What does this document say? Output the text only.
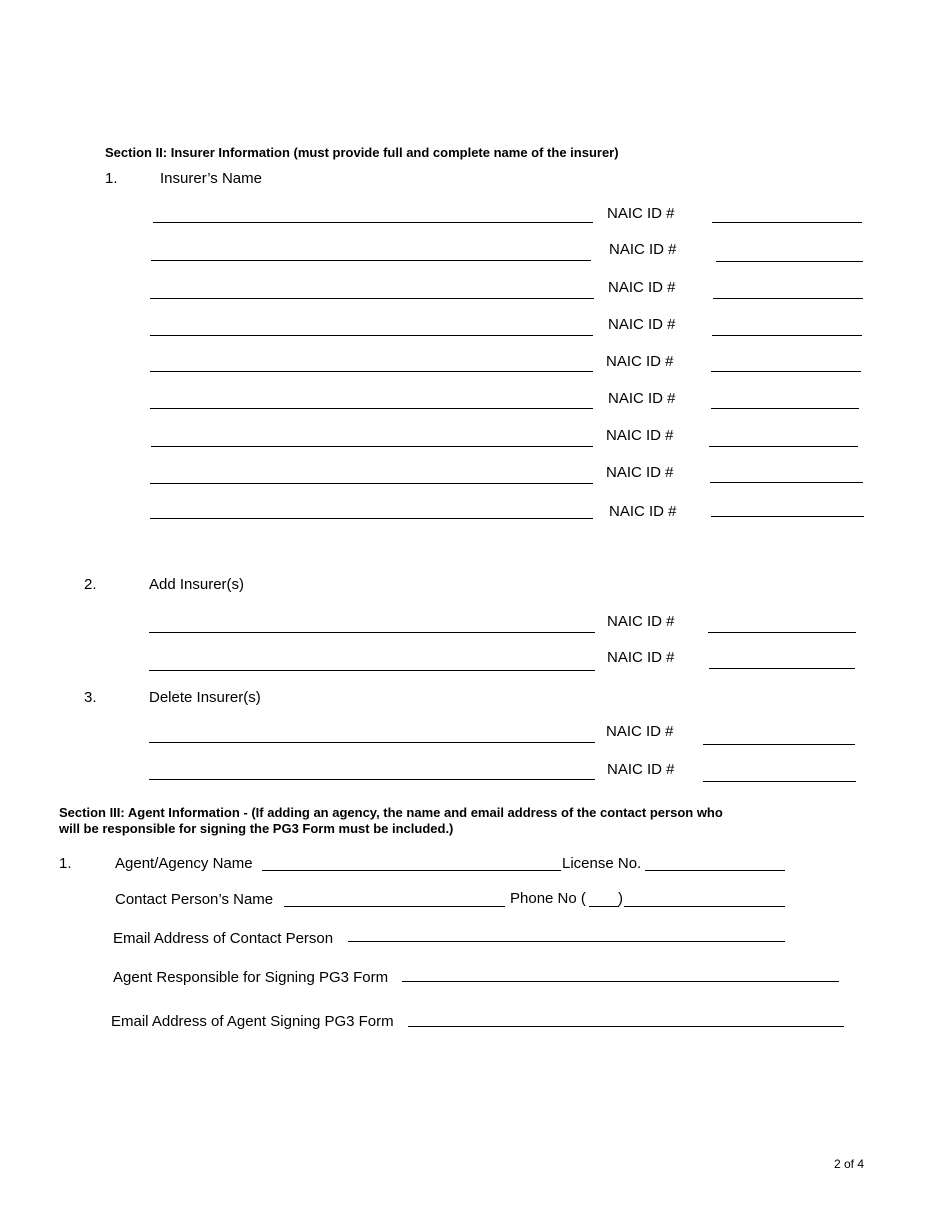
Section II: Insurer Information (must provide full and complete name of the insurer)
1.	Insurer’s Name
NAIC ID #
NAIC ID #
NAIC ID #
NAIC ID #
NAIC ID #
NAIC ID #
NAIC ID #
NAIC ID #
NAIC ID #
2.	Add Insurer(s)
NAIC ID #
NAIC ID #
3.	Delete Insurer(s)
NAIC ID #
NAIC ID #
Section III: Agent Information - (If adding an agency, the name and email address of the contact person who
will be responsible for signing the PG3 Form must be included.)
1.	Agent/Agency Name	License No.
Contact Person’s Name	Phone No ( )
Email Address of Contact Person
Agent Responsible for Signing PG3 Form
Email Address of Agent Signing PG3 Form
2 of 4
